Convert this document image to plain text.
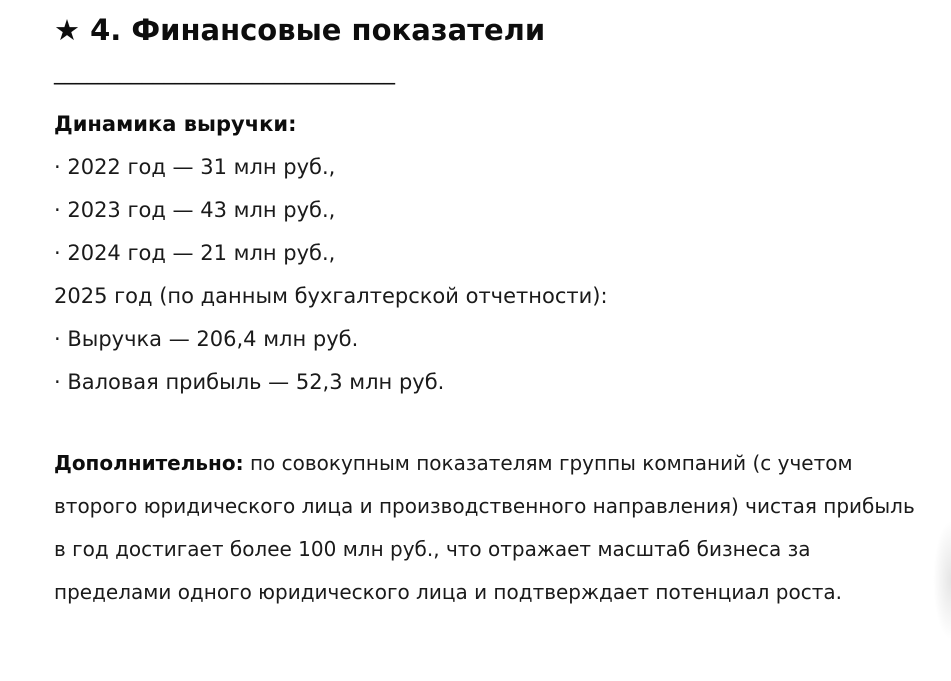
★ 4. Финансовые показатели
_______________________________
Динамика выручки:
· 2022 год — 31 млн руб.,
· 2023 год — 43 млн руб.,
· 2024 год — 21 млн руб.,
2025 год (по данным бухгалтерской отчетности):
· Выручка — 206,4 млн руб.
· Валовая прибыль — 52,3 млн руб.

Дополнительно: по совокупным показателям группы компаний (с учетом второго юридического лица и производственного направления) чистая прибыль в год достигает более 100 млн руб., что отражает масштаб бизнеса за пределами одного юридического лица и подтверждает потенциал роста.
